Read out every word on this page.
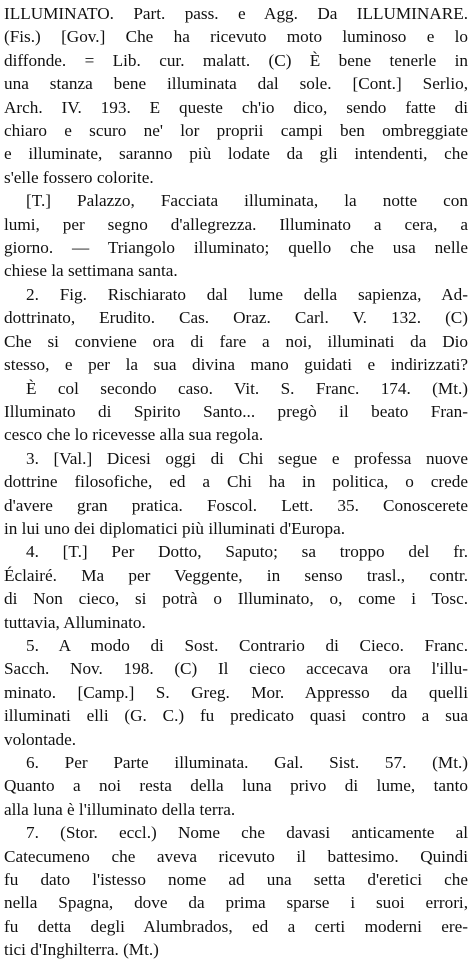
ILLUMINATO. Part. pass. e Agg. Da ILLUMINARE.
(Fis.) [Gov.] Che ha ricevuto moto luminoso e lo
diffonde. = Lib. cur. malatt. (C) È bene tenerle in
una stanza bene illuminata dal sole. [Cont.] Serlio,
Arch. IV. 193. E queste ch'io dico, sendo fatte di
chiaro e scuro ne' lor proprii campi ben ombreggiate
e illuminate, saranno più lodate da gli intendenti, che
s'elle fossero colorite.
[T.] Palazzo, Facciata illuminata, la notte con
lumi, per segno d'allegrezza. Illuminato a cera, a
giorno. — Triangolo illuminato; quello che usa nelle
chiese la settimana santa.
2. Fig. Rischiarato dal lume della sapienza, Ad-
dottrinato, Erudito. Cas. Oraz. Carl. V. 132. (C)
Che si conviene ora di fare a noi, illuminati da Dio
stesso, e per la sua divina mano guidati e indirizzati?
È col secondo caso. Vit. S. Franc. 174. (Mt.)
Illuminato di Spirito Santo... pregò il beato Fran-
cesco che lo ricevesse alla sua regola.
3. [Val.] Dicesi oggi di Chi segue e professa nuove
dottrine filosofiche, ed a Chi ha in politica, o crede
d'avere gran pratica. Foscol. Lett. 35. Conoscerete
in lui uno dei diplomatici più illuminati d'Europa.
4. [T.] Per Dotto, Saputo; sa troppo del fr.
Éclairé. Ma per Veggente, in senso trasl., contr.
di Non cieco, si potrà o Illuminato, o, come i Tosc.
tuttavia, Alluminato.
5. A modo di Sost. Contrario di Cieco. Franc.
Sacch. Nov. 198. (C) Il cieco accecava ora l'illu-
minato. [Camp.] S. Greg. Mor. Appresso da quelli
illuminati elli (G. C.) fu predicato quasi contro a sua
volontade.
6. Per Parte illuminata. Gal. Sist. 57. (Mt.)
Quanto a noi resta della luna privo di lume, tanto
alla luna è l'illuminato della terra.
7. (Stor. eccl.) Nome che davasi anticamente al
Catecumeno che aveva ricevuto il battesimo. Quindi
fu dato l'istesso nome ad una setta d'eretici che
nella Spagna, dove da prima sparse i suoi errori,
fu detta degli Alumbrados, ed a certi moderni ere-
tici d'Inghilterra. (Mt.)
